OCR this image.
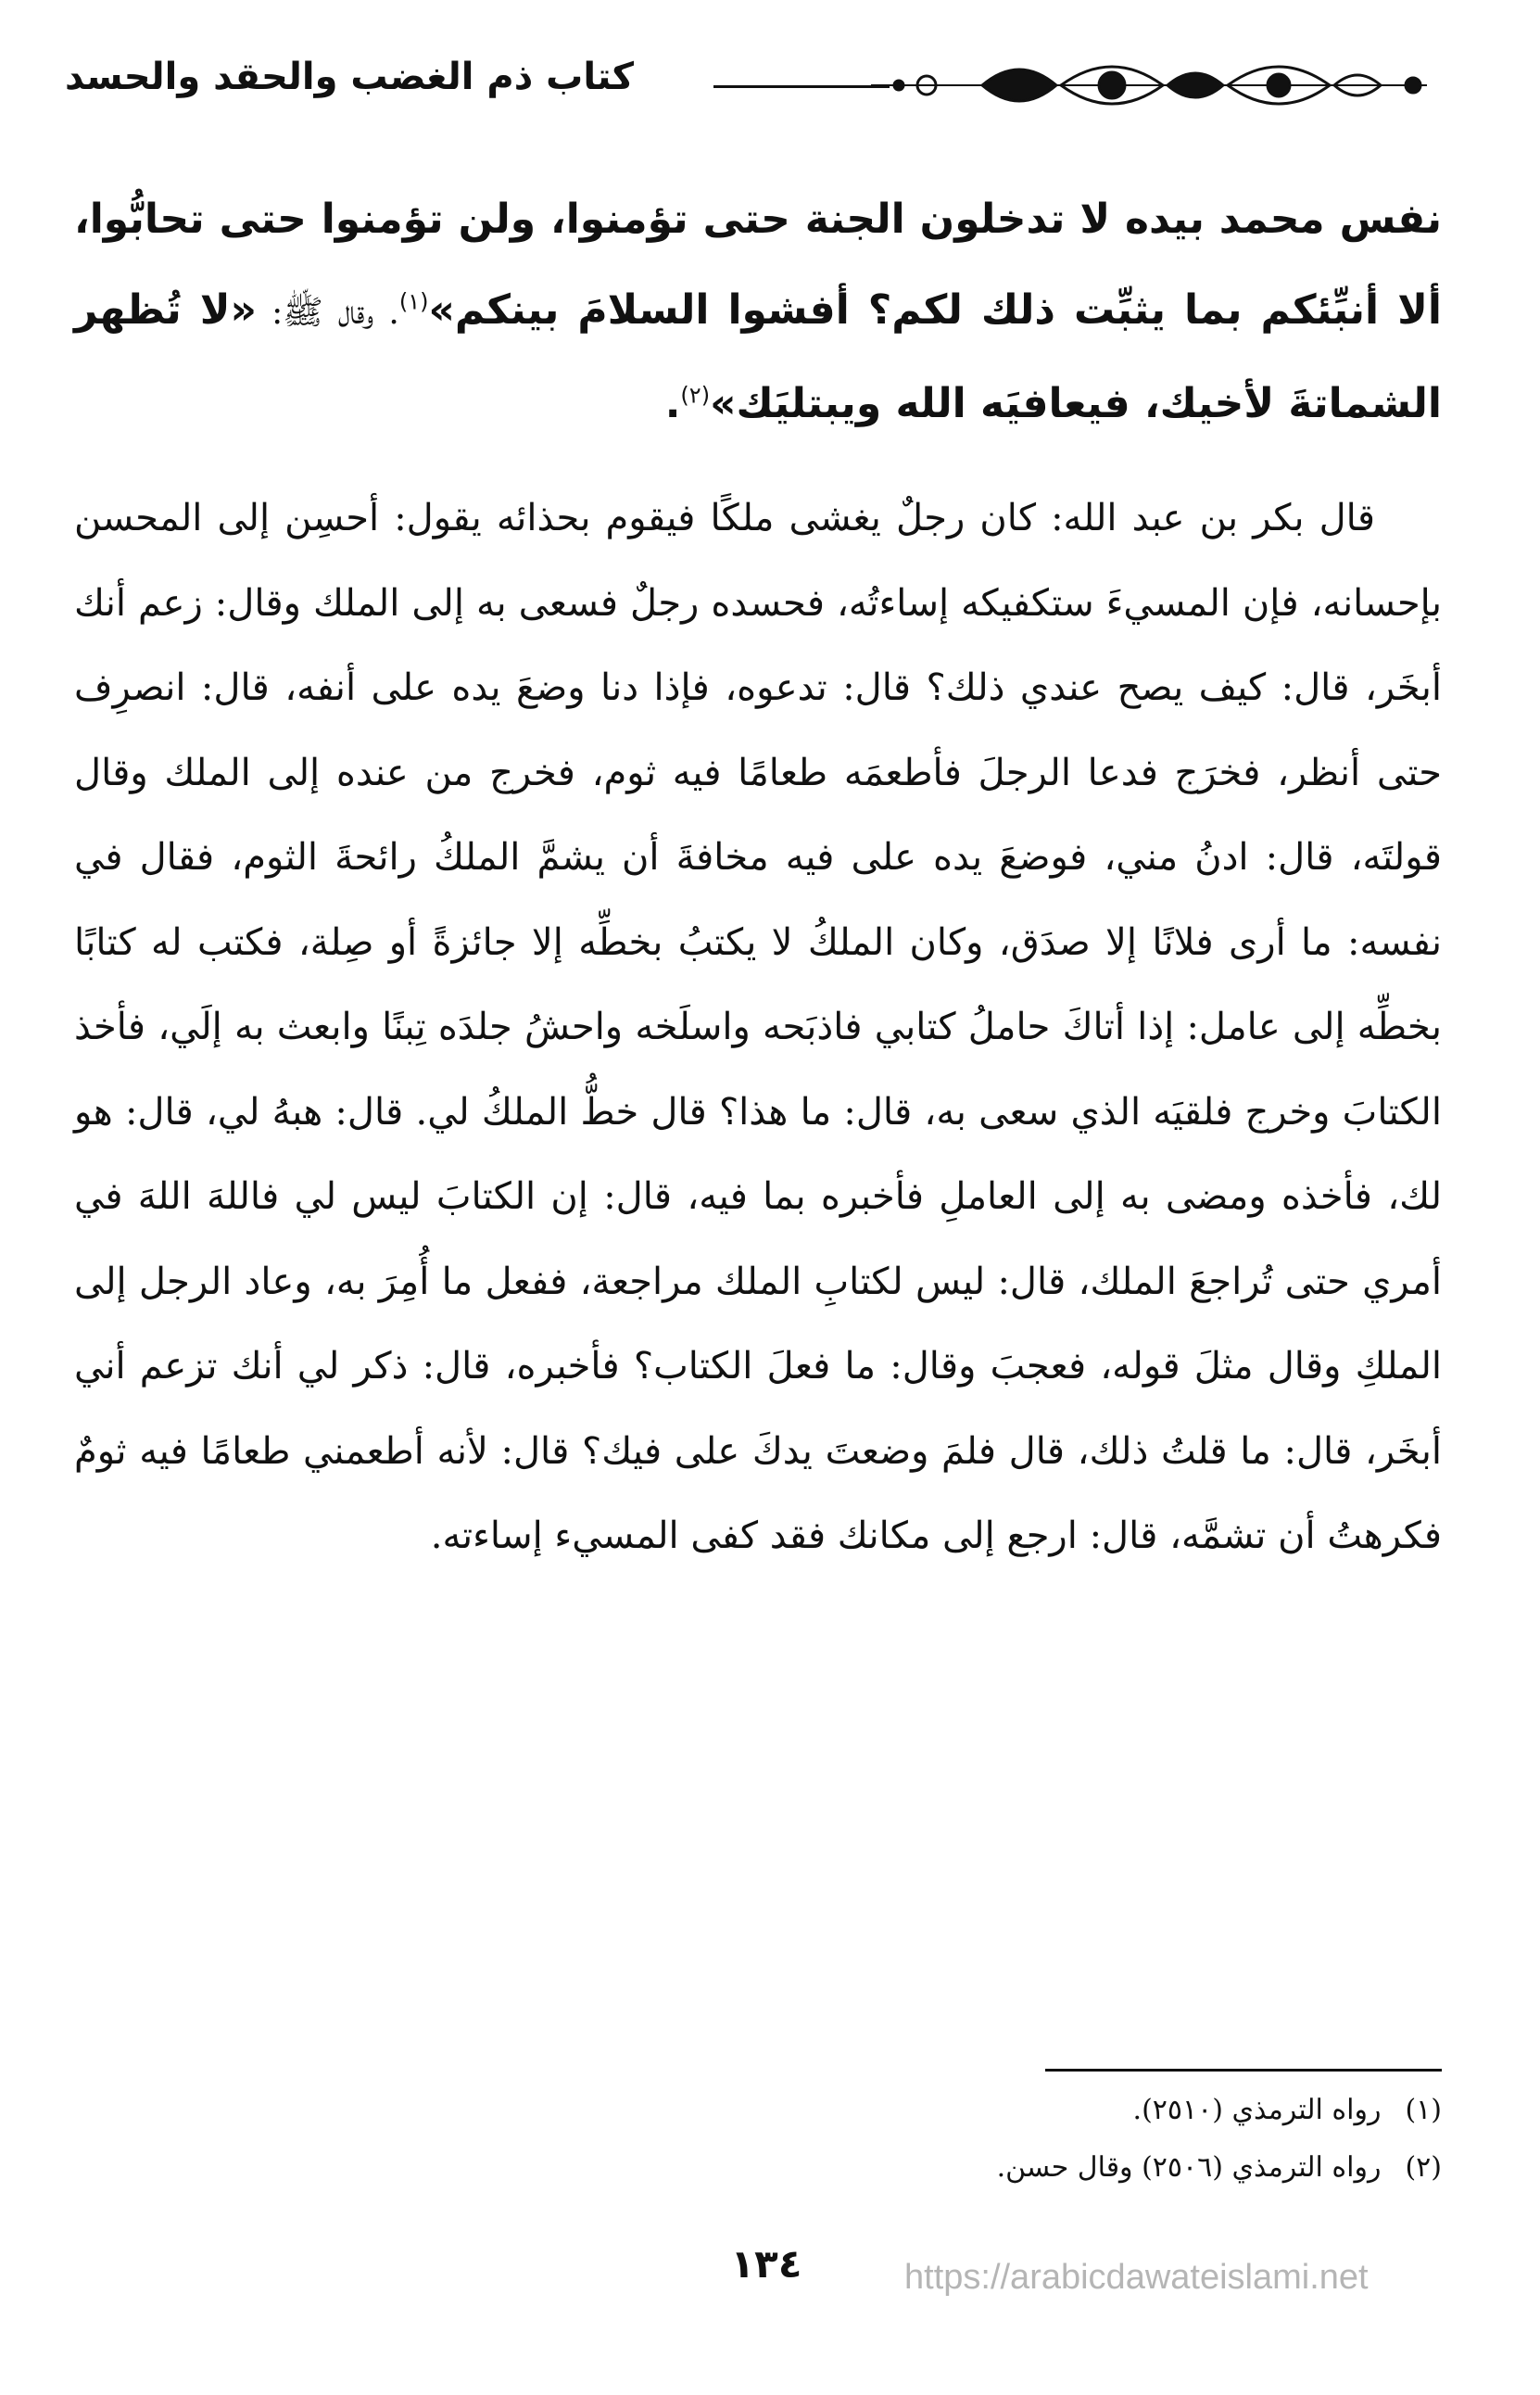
كتاب ذم الغضب والحقد والحسد
نفس محمد بيده لا تدخلون الجنة حتى تؤمنوا، ولن تؤمنوا حتى تحابُّوا، ألا أنبِّئكم بما يثبِّت ذلك لكم؟ أفشوا السلامَ بينكم»$^{(١)}$. وقال ﷺ: «لا تُظهر الشماتةَ لأخيك، فيعافيَه الله ويبتليَك»$^{(٢)}$.
قال بكر بن عبد الله: كان رجلٌ يغشى ملكًا فيقوم بحذائه يقول: أحسِن إلى المحسن بإحسانه، فإن المسيءَ ستكفيكه إساءتُه، فحسده رجلٌ فسعى به إلى الملك وقال: زعم أنك أبخَر، قال: كيف يصح عندي ذلك؟ قال: تدعوه، فإذا دنا وضعَ يده على أنفه، قال: انصرِف حتى أنظر، فخرَج فدعا الرجلَ فأطعمَه طعامًا فيه ثوم، فخرج من عنده إلى الملك وقال قولتَه، قال: ادنُ مني، فوضعَ يده على فيه مخافةَ أن يشمَّ الملكُ رائحةَ الثوم، فقال في نفسه: ما أرى فلانًا إلا صدَق، وكان الملكُ لا يكتبُ بخطِّه إلا جائزةً أو صِلة، فكتب له كتابًا بخطِّه إلى عامل: إذا أتاكَ حاملُ كتابي فاذبَحه واسلَخه واحشُ جلدَه تِبنًا وابعث به إلَي، فأخذ الكتابَ وخرج فلقيَه الذي سعى به، قال: ما هذا؟ قال خطُّ الملكُ لي. قال: هبهُ لي، قال: هو لك، فأخذه ومضى به إلى العاملِ فأخبره بما فيه، قال: إن الكتابَ ليس لي فاللهَ اللهَ في أمري حتى تُراجعَ الملك، قال: ليس لكتابِ الملك مراجعة، ففعل ما أُمِرَ به، وعاد الرجل إلى الملكِ وقال مثلَ قوله، فعجبَ وقال: ما فعلَ الكتاب؟ فأخبره، قال: ذكر لي أنك تزعم أني أبخَر، قال: ما قلتُ ذلك، قال فلمَ وضعتَ يدكَ على فيك؟ قال: لأنه أطعمني طعامًا فيه ثومٌ فكرهتُ أن تشمَّه، قال: ارجع إلى مكانك فقد كفى المسيء إساءته.
(١)
رواه الترمذي (٢٥١٠).
(٢)
رواه الترمذي (٢٥٠٦) وقال حسن.
١٣٤	https://arabicdawateislami.net
